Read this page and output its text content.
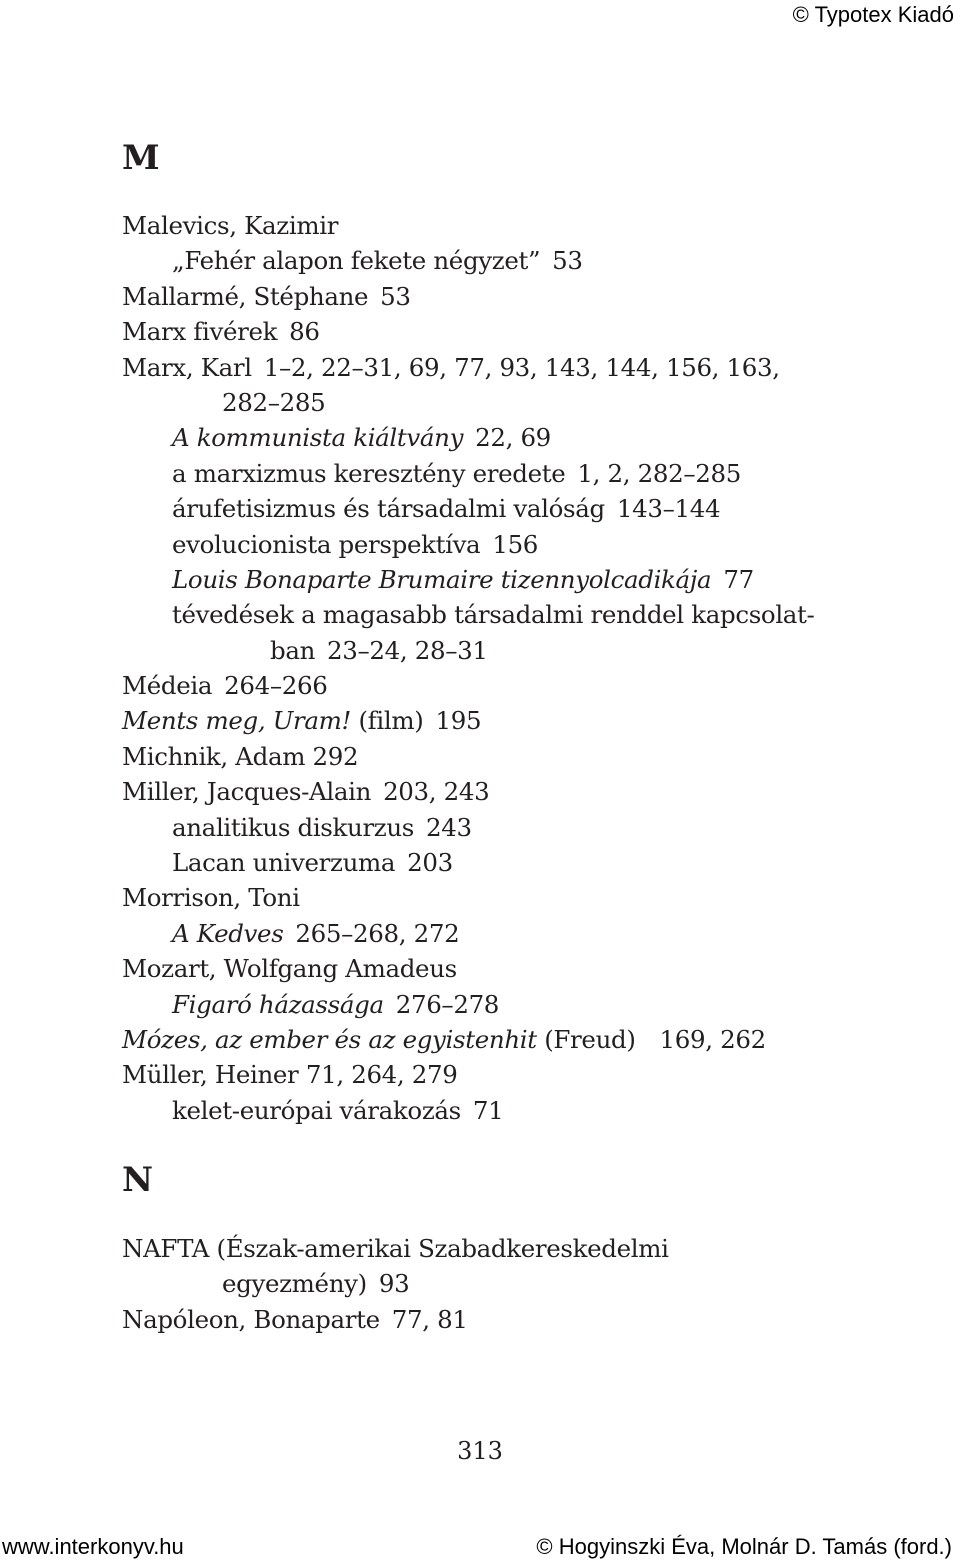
© Typotex Kiadó
M
Malevics, Kazimir
„Fehér alapon fekete négyzet” 53
Mallarmé, Stéphane 53
Marx fivérek 86
Marx, Karl 1–2, 22–31, 69, 77, 93, 143, 144, 156, 163,
282–285
A kommunista kiáltvány 22, 69
a marxizmus keresztény eredete 1, 2, 282–285
árufetisizmus és társadalmi valóság 143–144
evolucionista perspektíva 156
Louis Bonaparte Brumaire tizennyolcadikája 77
tévedések a magasabb társadalmi renddel kapcsolat-
ban 23–24, 28–31
Médeia 264–266
Ments meg, Uram! (film) 195
Michnik, Adam 292
Miller, Jacques-Alain 203, 243
analitikus diskurzus 243
Lacan univerzuma 203
Morrison, Toni
A Kedves 265–268, 272
Mozart, Wolfgang Amadeus
Figaró házassága 276–278
Mózes, az ember és az egyistenhit (Freud) 169, 262
Müller, Heiner 71, 264, 279
kelet-európai várakozás 71
N
NAFTA (Észak-amerikai Szabadkereskedelmi
egyezmény) 93
Napóleon, Bonaparte 77, 81
313
www.interkonyv.hu	© Hogyinszki Éva, Molnár D. Tamás (ford.)
